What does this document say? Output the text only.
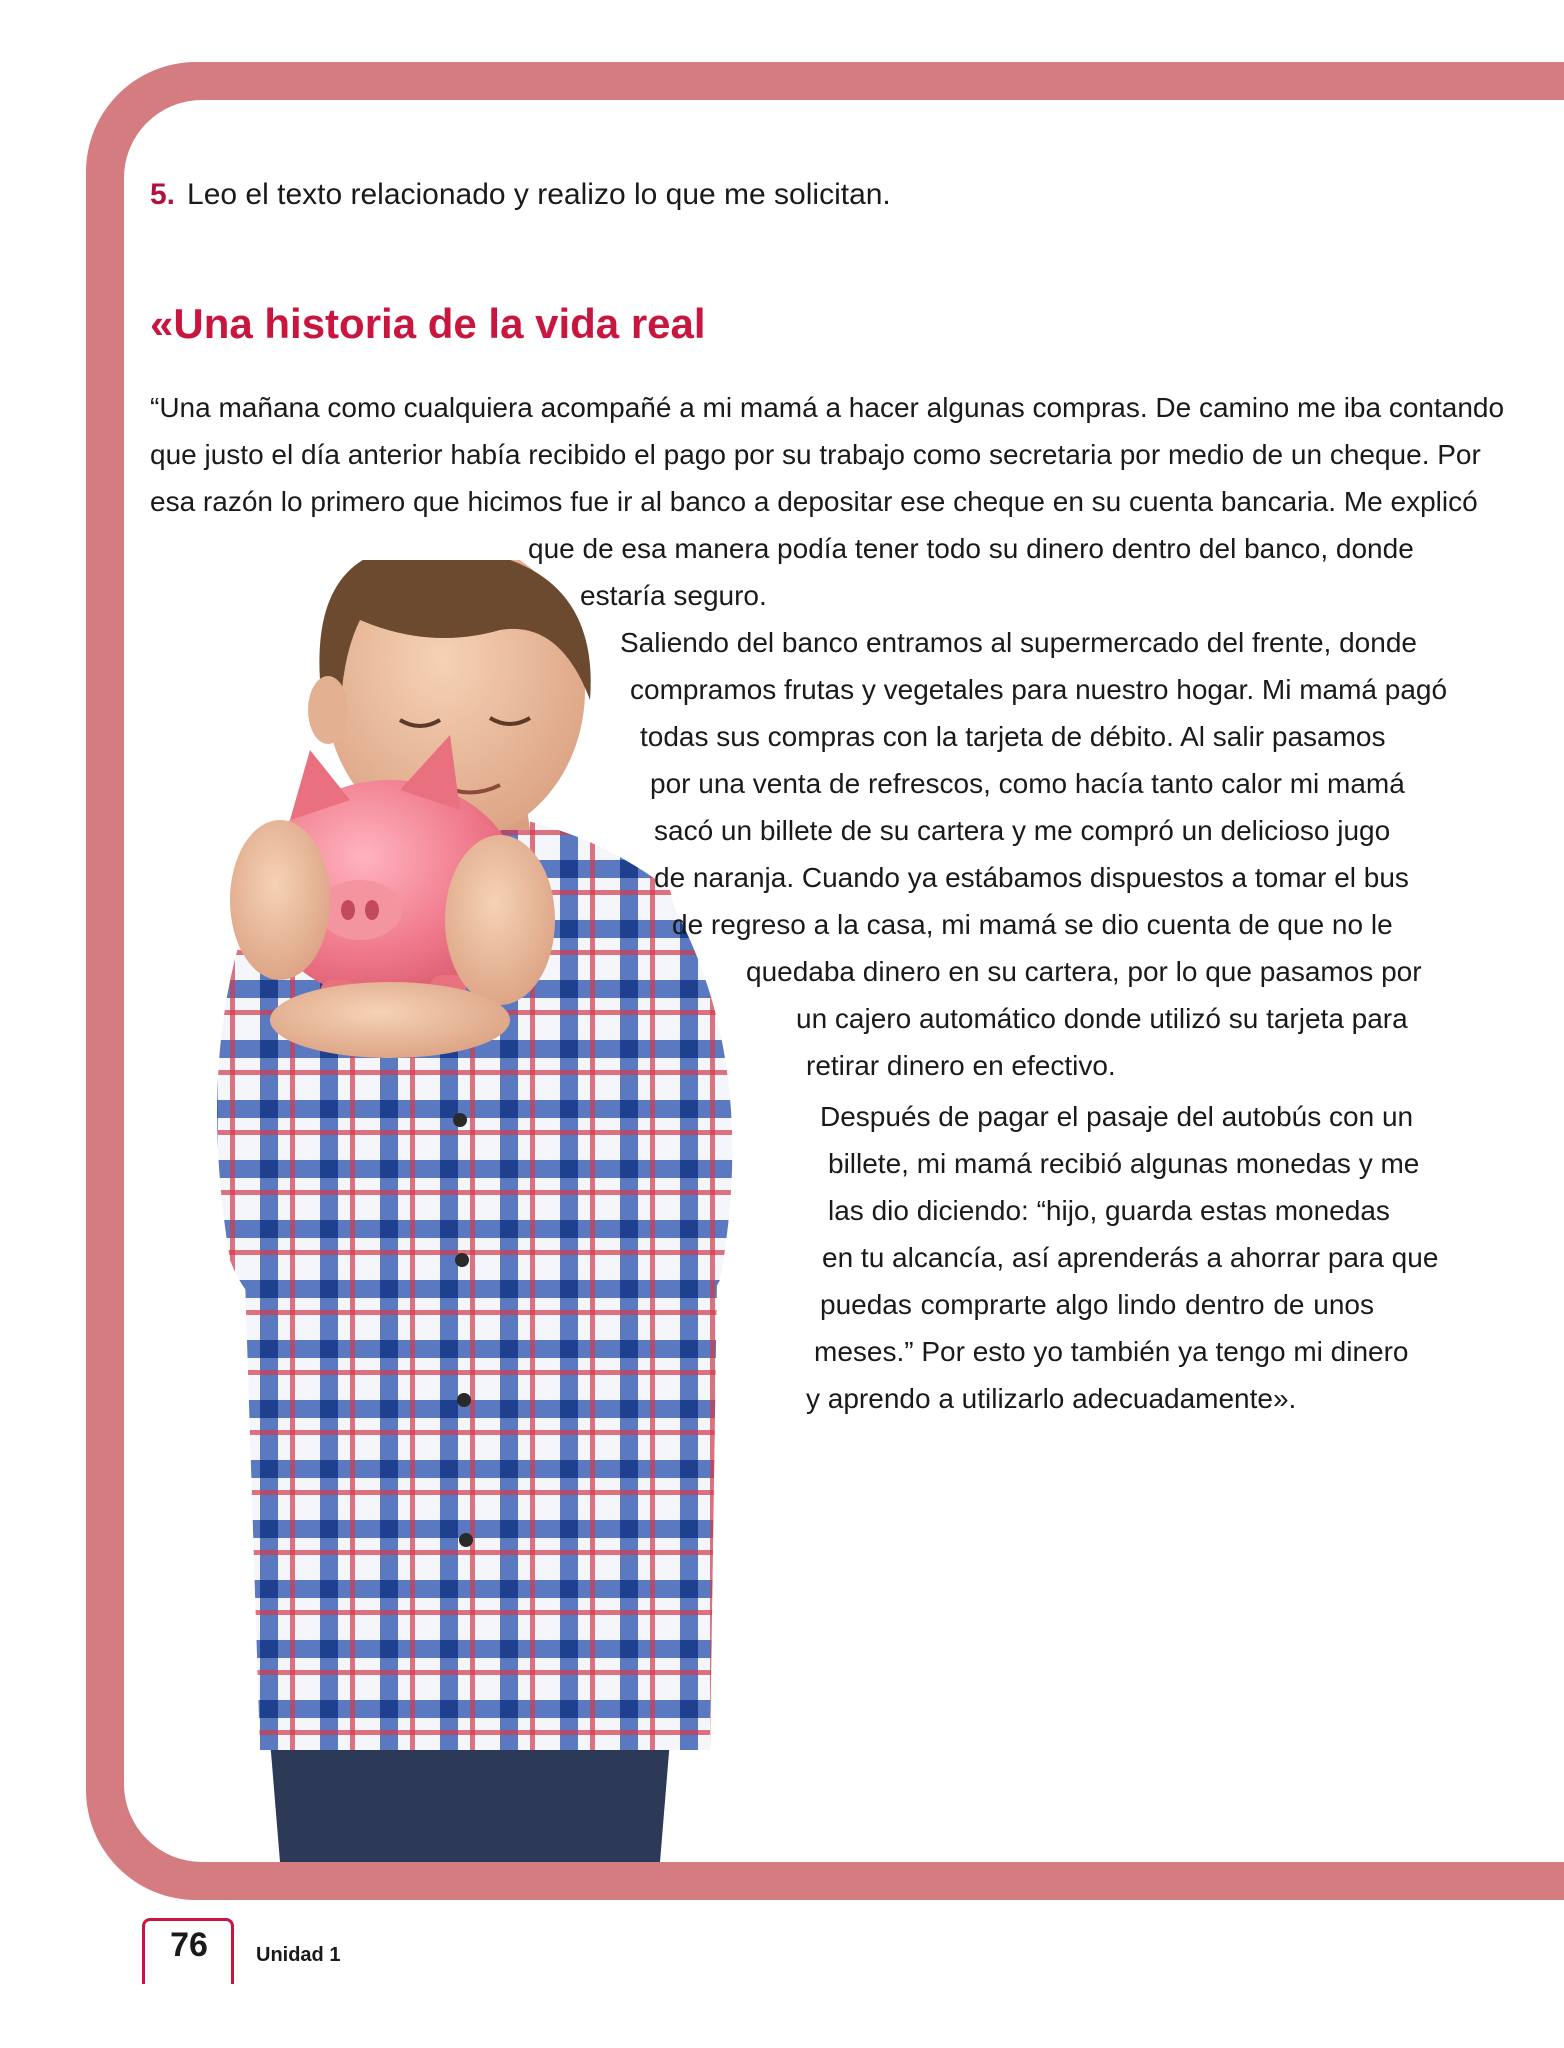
5. Leo el texto relacionado y realizo lo que me solicitan.
«Una historia de la vida real
“Una mañana como cualquiera acompañé a mi mamá a hacer algunas compras. De camino me iba contando
que justo el día anterior había recibido el pago por su trabajo como secretaria por medio de un cheque. Por
esa razón lo primero que hicimos fue ir al banco a depositar ese cheque en su cuenta bancaria. Me explicó
que de esa manera podía tener todo su dinero dentro del banco, donde
estaría seguro.
Saliendo del banco entramos al supermercado del frente, donde
compramos frutas y vegetales para nuestro hogar. Mi mamá pagó
todas sus compras con la tarjeta de débito. Al salir pasamos
por una venta de refrescos, como hacía tanto calor mi mamá
sacó un billete de su cartera y me compró un delicioso jugo
de naranja. Cuando ya estábamos dispuestos a tomar el bus
de regreso a la casa, mi mamá se dio cuenta de que no le
quedaba dinero en su cartera, por lo que pasamos por
un cajero automático donde utilizó su tarjeta para
retirar dinero en efectivo.
Después de pagar el pasaje del autobús con un
billete, mi mamá recibió algunas monedas y me
las dio diciendo: “hijo, guarda estas monedas
en tu alcancía, así aprenderás a ahorrar para que
puedas comprarte algo lindo dentro de unos
meses.” Por esto yo también ya tengo mi dinero
y aprendo a utilizarlo adecuadamente».
76	Unidad 1
